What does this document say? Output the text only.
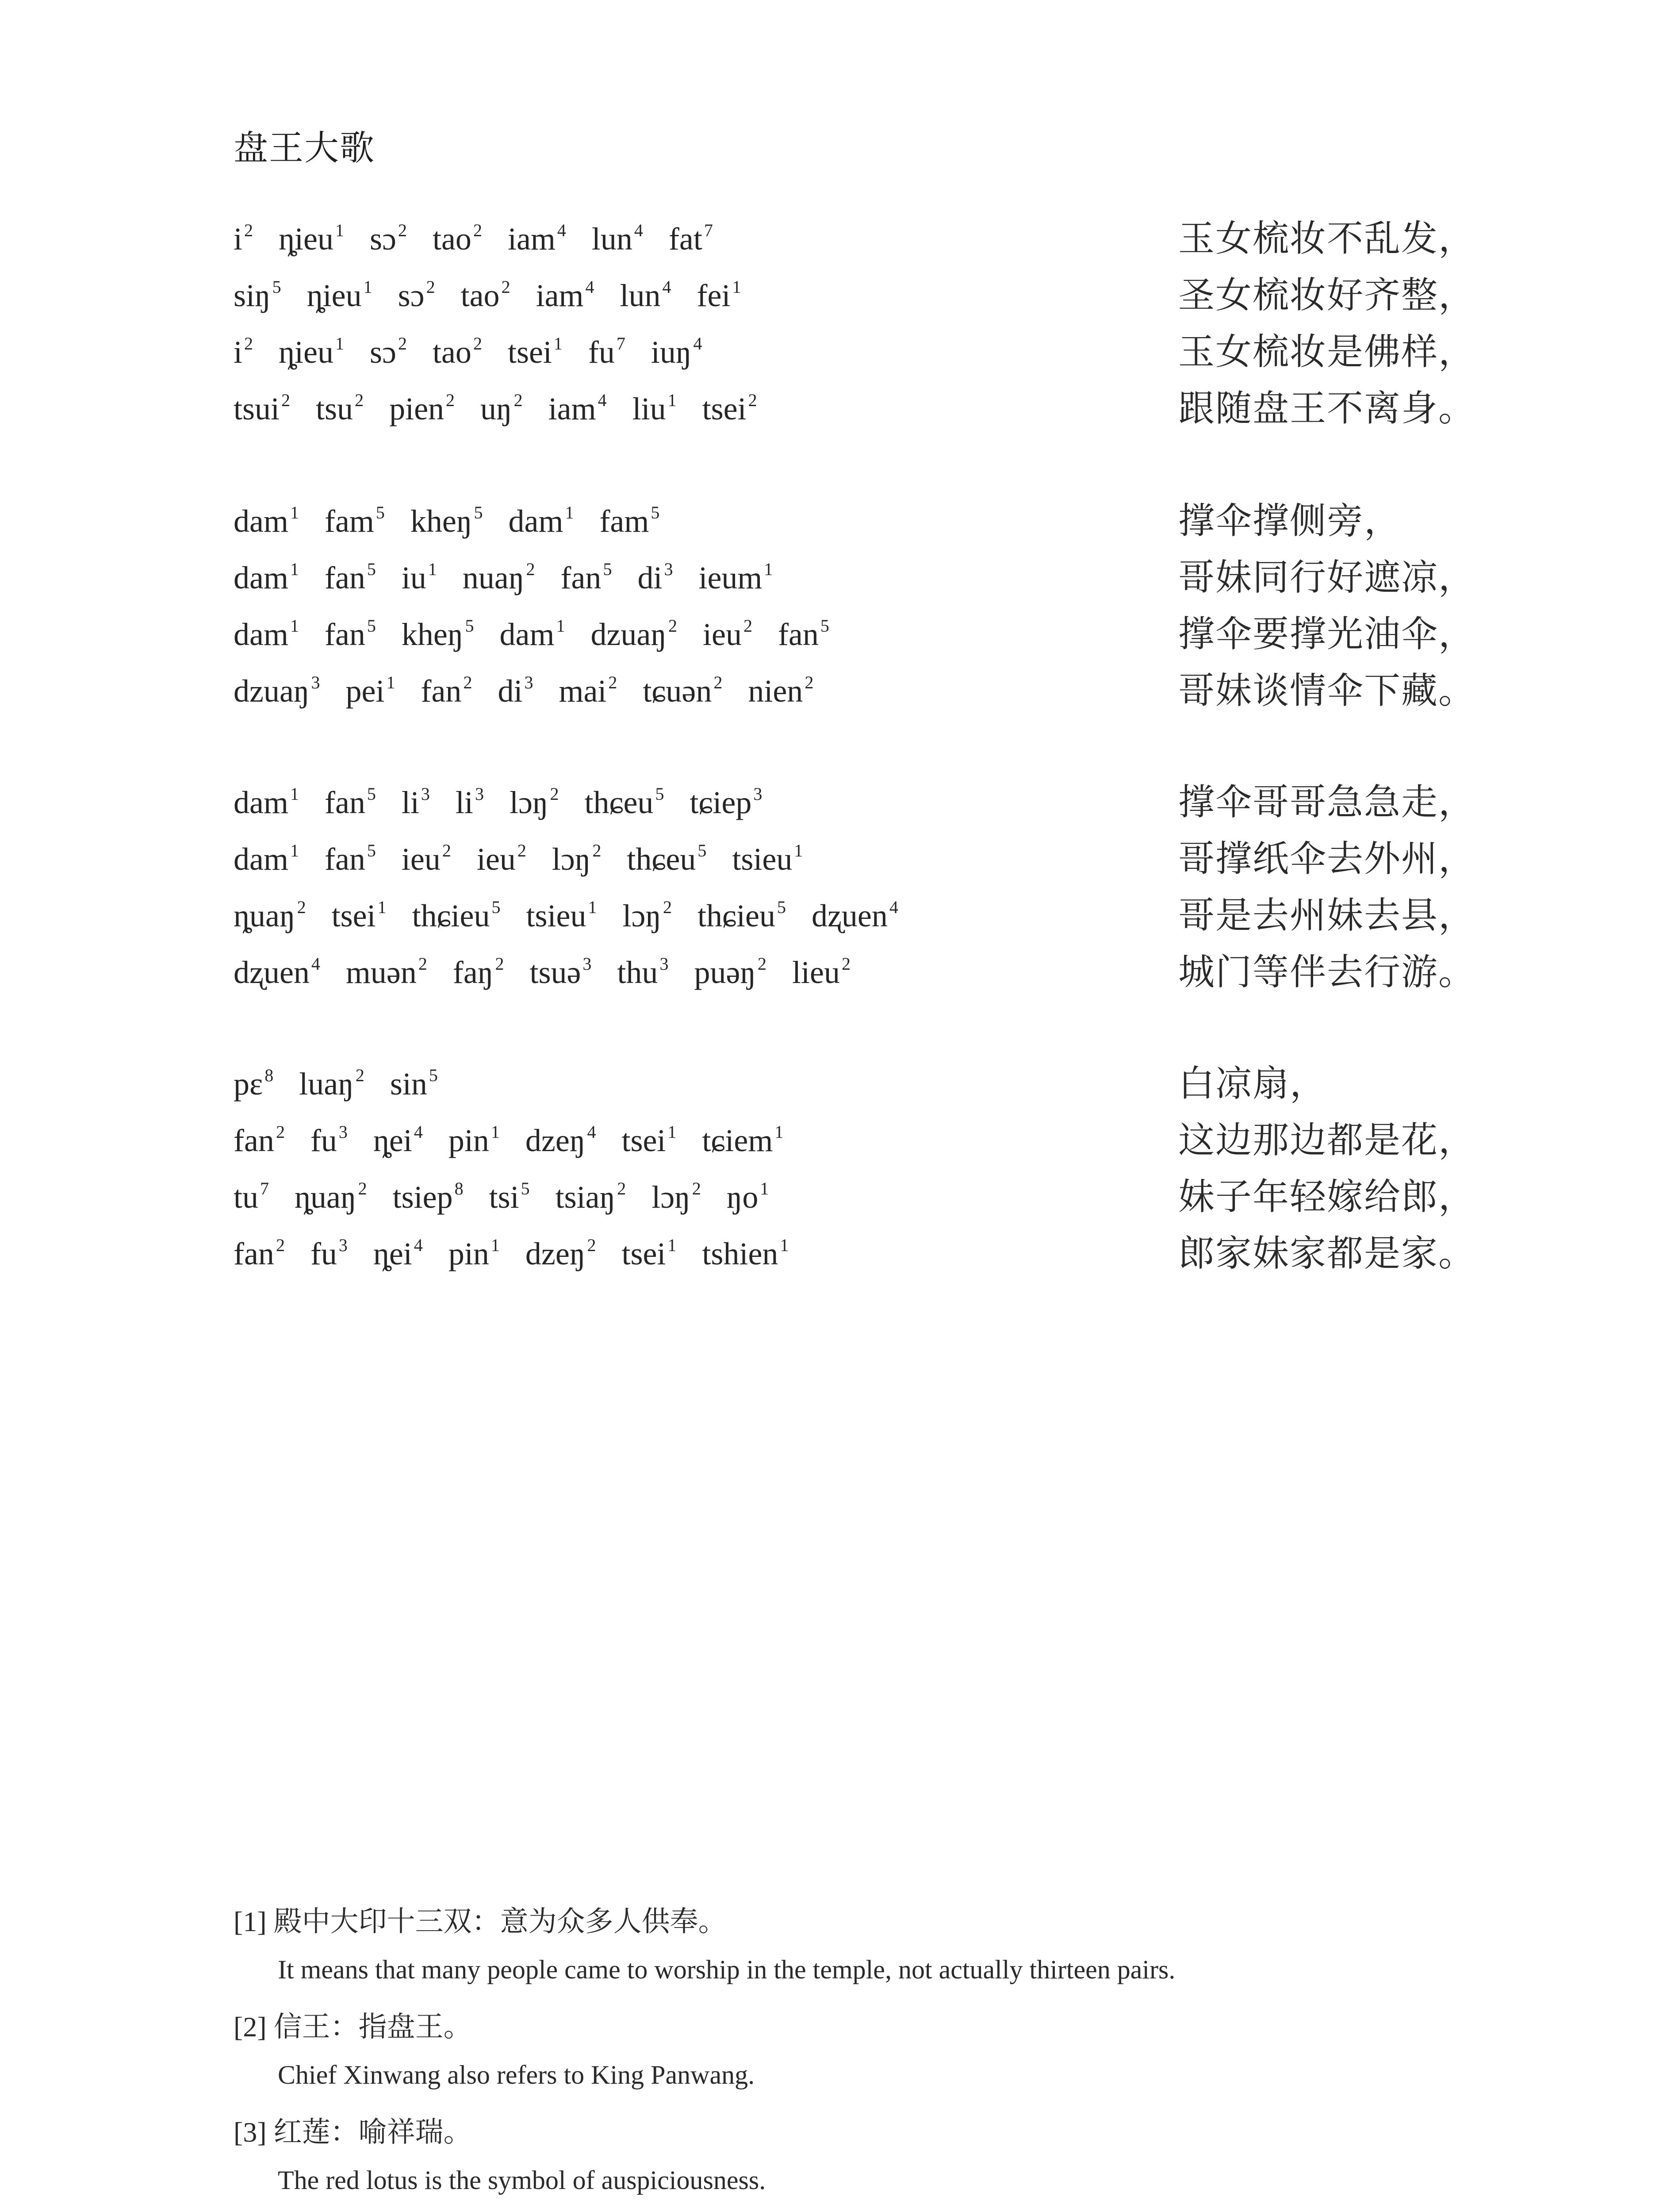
盘王大歌
i $^2$ ȵieu $^1$ sɔ $^2$ tao $^2$ iam $^4$ lun $^4$ fat $^7$	玉女梳妆不乱发，
siŋ $^5$ ȵieu $^1$ sɔ $^2$ tao $^2$ iam $^4$ lun $^4$ fei $^1$	圣女梳妆好齐整，
i $^2$ ȵieu $^1$ sɔ $^2$ tao $^2$ tsei $^1$ fu $^7$ iuŋ $^4$	玉女梳妆是佛样，
tsui $^2$ tsu $^2$ pien $^2$ uŋ $^2$ iam $^4$ liu $^1$ tsei $^2$	跟随盘王不离身。
dam $^1$ fam $^5$ kheŋ $^5$ dam $^1$ fam $^5$	撑伞撑侧旁，
dam $^1$ fan $^5$ iu $^1$ nuaŋ $^2$ fan $^5$ di $^3$ ieum $^1$	哥妹同行好遮凉，
dam $^1$ fan $^5$ kheŋ $^5$ dam $^1$ dzuaŋ $^2$ ieu $^2$ fan $^5$	撑伞要撑光油伞，
dzuaŋ $^3$ pei $^1$ fan $^2$ di $^3$ mai $^2$ tɕuən $^2$ nien $^2$	哥妹谈情伞下藏。
dam $^1$ fan $^5$ li $^3$ li $^3$ lɔŋ $^2$ thɕeu $^5$ tɕiep $^3$	撑伞哥哥急急走，
dam $^1$ fan $^5$ ieu $^2$ ieu $^2$ lɔŋ $^2$ thɕeu $^5$ tsieu $^1$	哥撑纸伞去外州，
ȵuaŋ $^2$ tsei $^1$ thɕieu $^5$ tsieu $^1$ lɔŋ $^2$ thɕieu $^5$ dʐuen $^4$	哥是去州妹去县，
dʐuen $^4$ muən $^2$ faŋ $^2$ tsuə $^3$ thu $^3$ puəŋ $^2$ lieu $^2$	城门等伴去行游。
pɛ $^8$ luaŋ $^2$ sin $^5$	白凉扇，
fan $^2$ fu $^3$ ȵei $^4$ pin $^1$ dzeŋ $^4$ tsei $^1$ tɕiem $^1$	这边那边都是花，
tu $^7$ ȵuaŋ $^2$ tsiep $^8$ tsi $^5$ tsiaŋ $^2$ lɔŋ $^2$ ŋo $^1$	妹子年轻嫁给郎，
fan $^2$ fu $^3$ ȵei $^4$ pin $^1$ dzeŋ $^2$ tsei $^1$ tshien $^1$	郎家妹家都是家。
[1] 殿中大印十三双：意为众多人供奉。
It means that many people came to worship in the temple, not actually thirteen pairs.
[2] 信王：指盘王。
Chief Xinwang also refers to King Panwang.
[3] 红莲：喻祥瑞。
The red lotus is the symbol of auspiciousness.
